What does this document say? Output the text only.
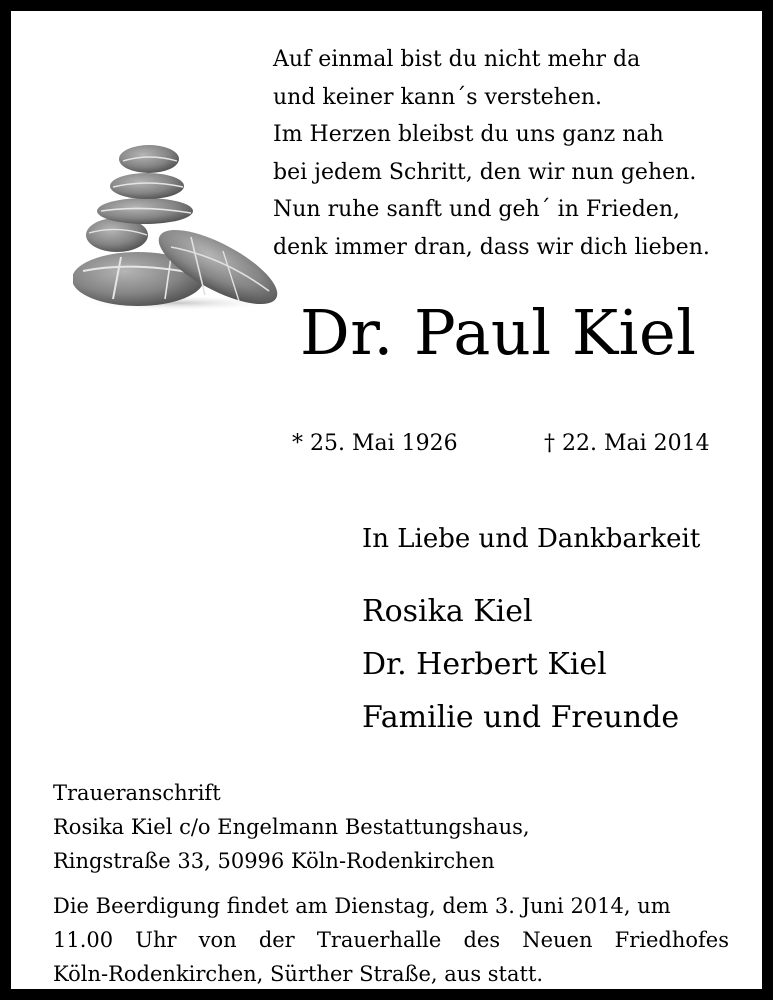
Auf einmal bist du nicht mehr da
und keiner kann´s verstehen.
Im Herzen bleibst du uns ganz nah
bei jedem Schritt, den wir nun gehen.
Nun ruhe sanft und geh´ in Frieden,
denk immer dran, dass wir dich lieben.
Dr. Paul Kiel
* 25. Mai 1926	† 22. Mai 2014
In Liebe und Dankbarkeit
Rosika Kiel
Dr. Herbert Kiel
Familie und Freunde
Traueranschrift
Rosika Kiel c/o Engelmann Bestattungshaus,
Ringstraße 33, 50996 Köln-Rodenkirchen
Die Beerdigung findet am Dienstag, dem 3. Juni 2014, um
11.00 Uhr von der Trauerhalle des Neuen Friedhofes
Köln-Rodenkirchen, Sürther Straße, aus statt.
